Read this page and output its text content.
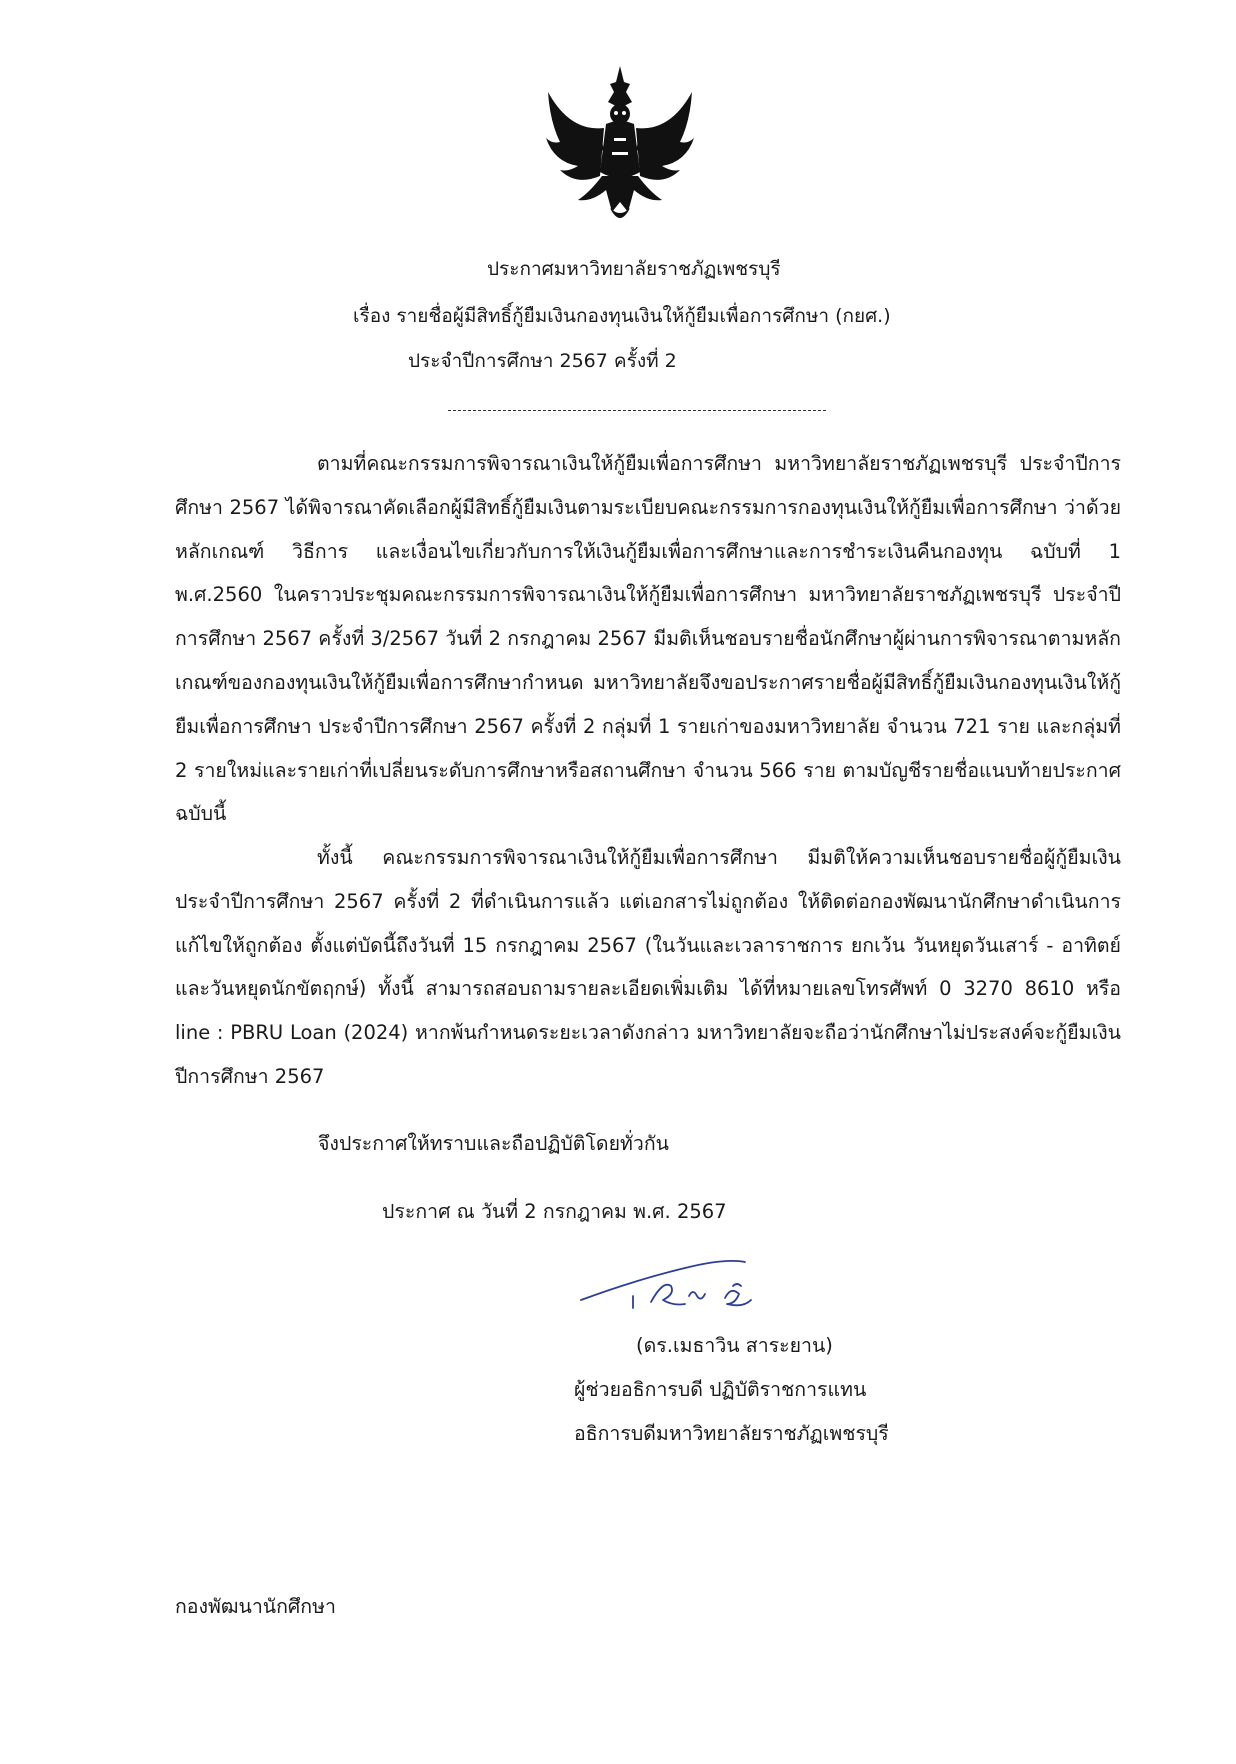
ประกาศมหาวิทยาลัยราชภัฏเพชรบุรี
เรื่อง รายชื่อผู้มีสิทธิ์กู้ยืมเงินกองทุนเงินให้กู้ยืมเพื่อการศึกษา (กยศ.)
ประจำปีการศึกษา 2567 ครั้งที่ 2
ตามที่คณะกรรมการพิจารณาเงินให้กู้ยืมเพื่อการศึกษา มหาวิทยาลัยราชภัฏเพชรบุรี ประจำปีการศึกษา 2567 ได้พิจารณาคัดเลือกผู้มีสิทธิ์กู้ยืมเงินตามระเบียบคณะกรรมการกองทุนเงินให้กู้ยืมเพื่อการศึกษา ว่าด้วย หลักเกณฑ์ วิธีการ และเงื่อนไขเกี่ยวกับการให้เงินกู้ยืมเพื่อการศึกษาและการชำระเงินคืนกองทุน ฉบับที่ 1 พ.ศ.2560 ในคราวประชุมคณะกรรมการพิจารณาเงินให้กู้ยืมเพื่อการศึกษา มหาวิทยาลัยราชภัฏเพชรบุรี ประจำปีการศึกษา 2567 ครั้งที่ 3/2567 วันที่ 2 กรกฎาคม 2567 มีมติเห็นชอบรายชื่อนักศึกษาผู้ผ่านการพิจารณาตามหลักเกณฑ์ของกองทุนเงินให้กู้ยืมเพื่อการศึกษากำหนด มหาวิทยาลัยจึงขอประกาศรายชื่อผู้มีสิทธิ์กู้ยืมเงินกองทุนเงินให้กู้ยืมเพื่อการศึกษา ประจำปีการศึกษา 2567 ครั้งที่ 2 กลุ่มที่ 1 รายเก่าของมหาวิทยาลัย จำนวน 721 ราย และกลุ่มที่ 2 รายใหม่และรายเก่าที่เปลี่ยนระดับการศึกษาหรือสถานศึกษา จำนวน 566 ราย ตามบัญชีรายชื่อแนบท้ายประกาศฉบับนี้
ทั้งนี้ คณะกรรมการพิจารณาเงินให้กู้ยืมเพื่อการศึกษา มีมติให้ความเห็นชอบรายชื่อผู้กู้ยืมเงินประจำปีการศึกษา 2567 ครั้งที่ 2 ที่ดำเนินการแล้ว แต่เอกสารไม่ถูกต้อง ให้ติดต่อกองพัฒนานักศึกษาดำเนินการแก้ไขให้ถูกต้อง ตั้งแต่บัดนี้ถึงวันที่ 15 กรกฎาคม 2567 (ในวันและเวลาราชการ ยกเว้น วันหยุดวันเสาร์ - อาทิตย์ และวันหยุดนักขัตฤกษ์) ทั้งนี้ สามารถสอบถามรายละเอียดเพิ่มเติม ได้ที่หมายเลขโทรศัพท์ 0 3270 8610 หรือ line : PBRU Loan (2024) หากพ้นกำหนดระยะเวลาดังกล่าว มหาวิทยาลัยจะถือว่านักศึกษาไม่ประสงค์จะกู้ยืมเงิน ปีการศึกษา 2567
จึงประกาศให้ทราบและถือปฏิบัติโดยทั่วกัน
ประกาศ ณ วันที่ 2 กรกฎาคม พ.ศ. 2567
(ดร.เมธาวิน สาระยาน)
ผู้ช่วยอธิการบดี ปฏิบัติราชการแทน
อธิการบดีมหาวิทยาลัยราชภัฏเพชรบุรี
กองพัฒนานักศึกษา
